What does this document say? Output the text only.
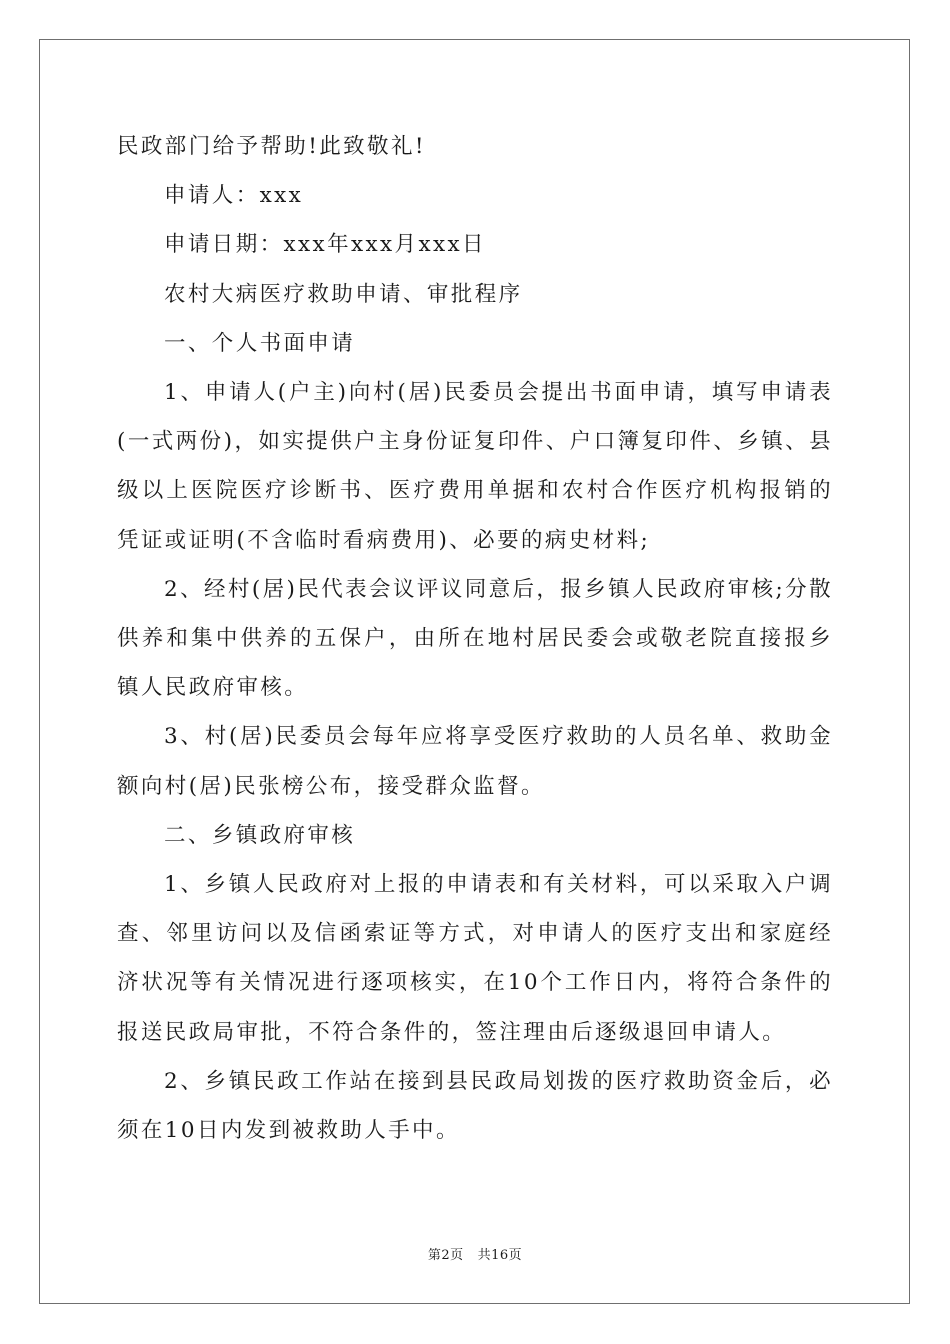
民政部门给予帮助!此致敬礼!

申请人：xxx

申请日期：xxx年xxx月xxx日

农村大病医疗救助申请、审批程序

一、个人书面申请

1、申请人(户主)向村(居)民委员会提出书面申请，填写申请表(一式两份)，如实提供户主身份证复印件、户口簿复印件、乡镇、县级以上医院医疗诊断书、医疗费用单据和农村合作医疗机构报销的凭证或证明(不含临时看病费用)、必要的病史材料;

2、经村(居)民代表会议评议同意后，报乡镇人民政府审核;分散供养和集中供养的五保户，由所在地村居民委会或敬老院直接报乡镇人民政府审核。

3、村(居)民委员会每年应将享受医疗救助的人员名单、救助金额向村(居)民张榜公布，接受群众监督。

二、乡镇政府审核

1、乡镇人民政府对上报的申请表和有关材料，可以采取入户调查、邻里访问以及信函索证等方式，对申请人的医疗支出和家庭经济状况等有关情况进行逐项核实，在10个工作日内，将符合条件的报送民政局审批，不符合条件的，签注理由后逐级退回申请人。

2、乡镇民政工作站在接到县民政局划拨的医疗救助资金后，必须在10日内发到被救助人手中。

第2页 共16页
